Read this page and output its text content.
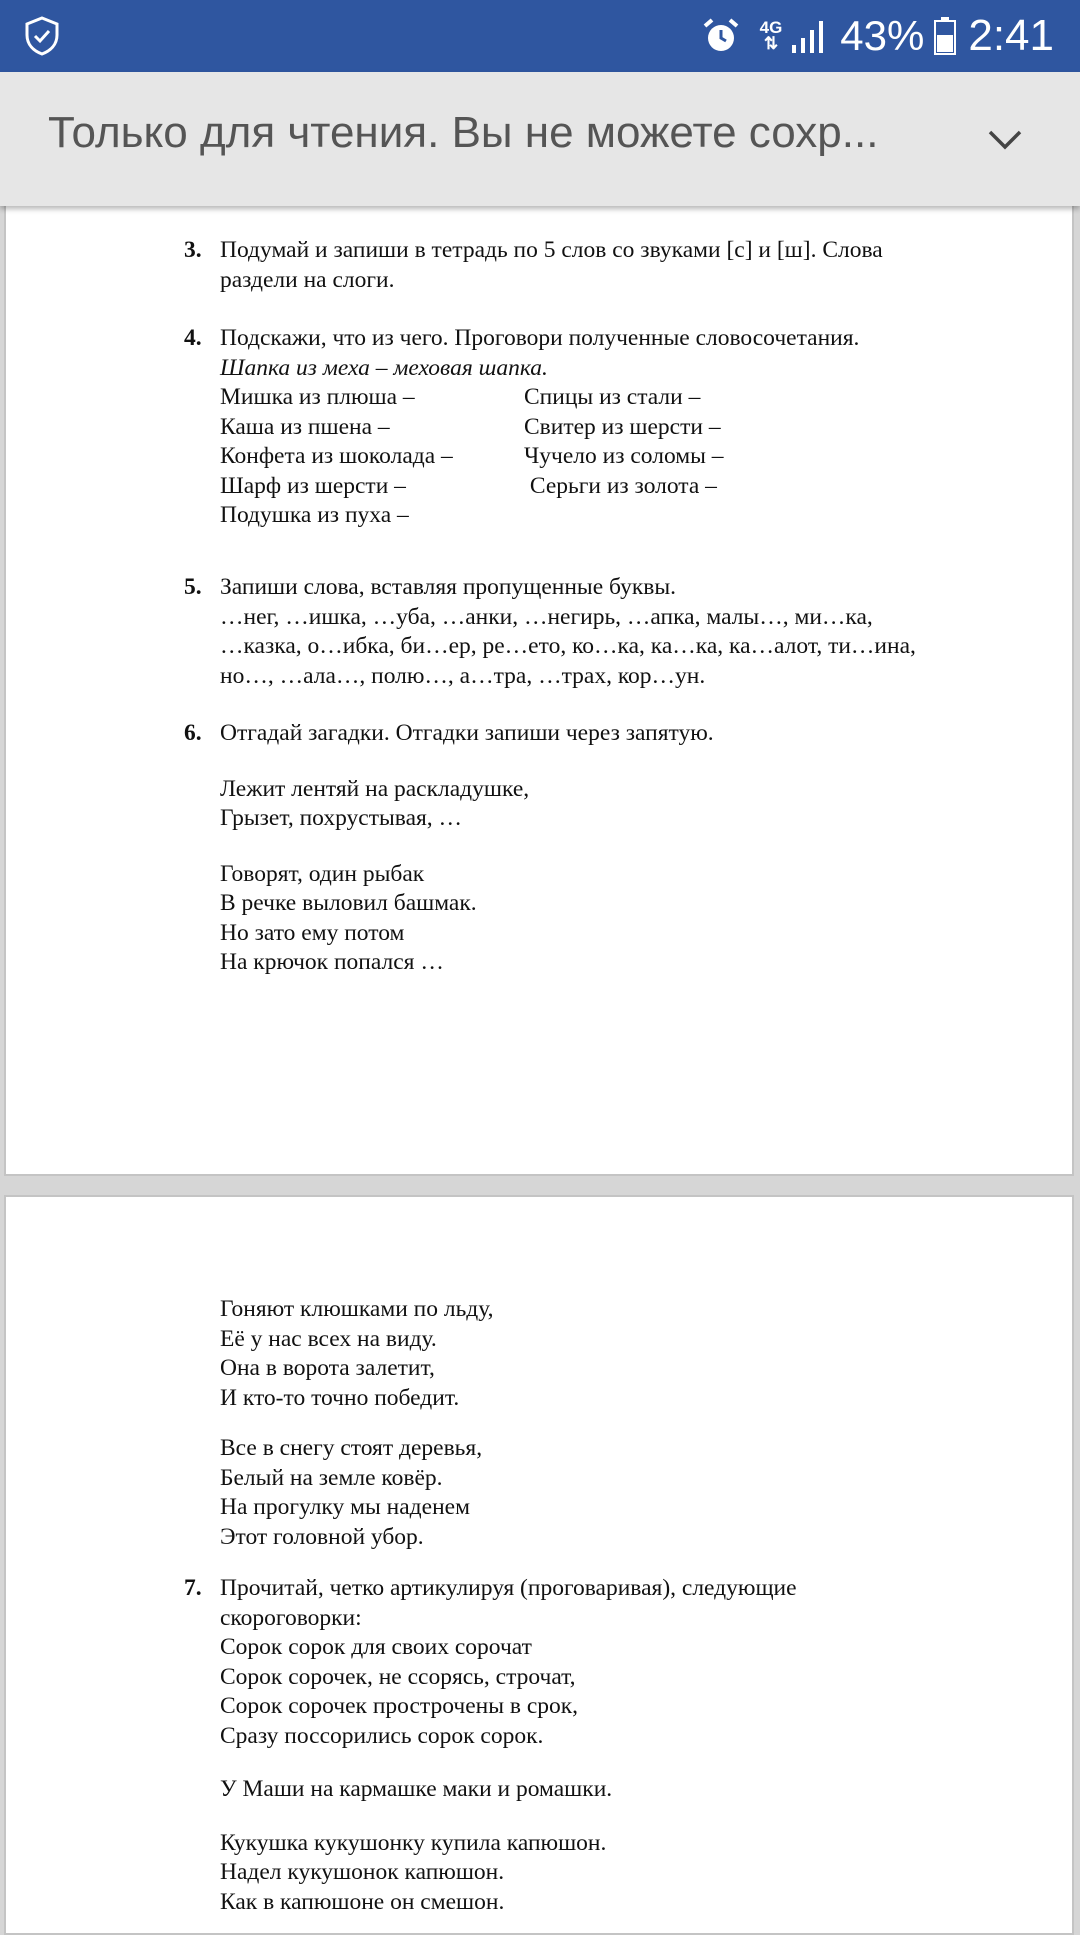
4G
⇅ 43% 2:41
Только для чтения. Вы не можете сохр...
3. Подумай и запиши в тетрадь по 5 слов со звуками [с] и [ш]. Слова
раздели на слоги.
4. Подскажи, что из чего. Проговори полученные словосочетания.
Шапка из меха – меховая шапка.
Мишка из плюша –	Спицы из стали –
Каша из пшена –	Свитер из шерсти –
Конфета из шоколада –	Чучело из соломы –
Шарф из шерсти –	Серьги из золота –
Подушка из пуха –
5. Запиши слова, вставляя пропущенные буквы.
…нег, …ишка, …уба, …анки, …негирь, …апка, малы…, ми…ка,
…казка, о…ибка, би…ер, ре…ето, ко…ка, ка…ка, ка…алот, ти…ина,
но…, …ала…, полю…, а…тра, …трах, кор…ун.
6. Отгадай загадки. Отгадки запиши через запятую.
Лежит лентяй на раскладушке,
Грызет, похрустывая, …
Говорят, один рыбак
В речке выловил башмак.
Но зато ему потом
На крючок попался …
Гоняют клюшками по льду,
Её у нас всех на виду.
Она в ворота залетит,
И кто-то точно победит.
Все в снегу стоят деревья,
Белый на земле ковёр.
На прогулку мы наденем
Этот головной убор.
7. Прочитай, четко артикулируя (проговаривая), следующие
скороговорки:
Сорок сорок для своих сорочат
Сорок сорочек, не ссорясь, строчат,
Сорок сорочек прострочены в срок,
Сразу поссорились сорок сорок.
У Маши на кармашке маки и ромашки.
Кукушка кукушонку купила капюшон.
Надел кукушонок капюшон.
Как в капюшоне он смешон.
